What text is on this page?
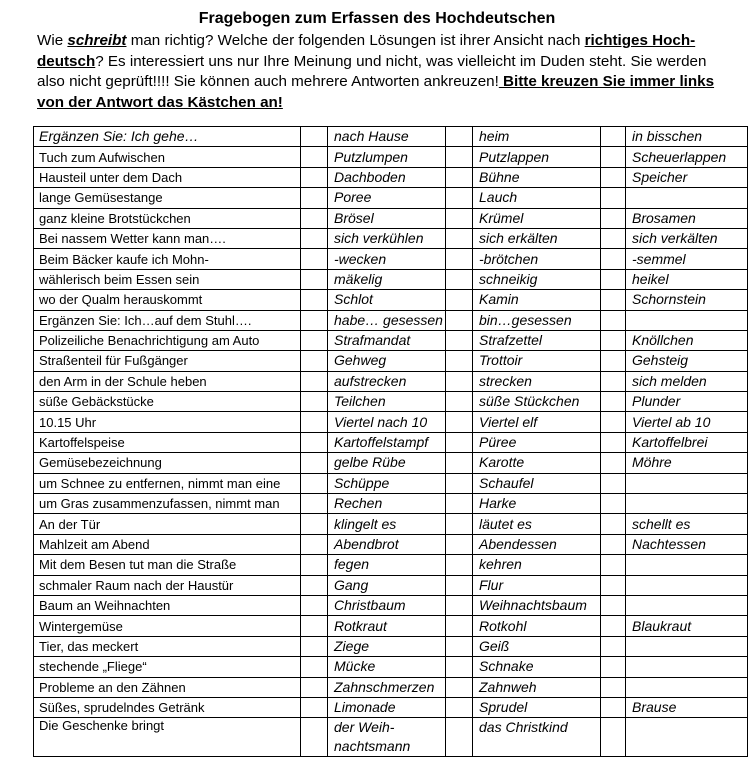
Fragebogen zum Erfassen des Hochdeutschen
Wie schreibt man richtig? Welche der folgenden Lösungen ist ihrer Ansicht nach richtiges Hoch-deutsch? Es interessiert uns nur Ihre Meinung und nicht, was vielleicht im Duden steht. Sie werden also nicht geprüft!!!! Sie können auch mehrere Antworten ankreuzen! Bitte kreuzen Sie immer links von der Antwort das Kästchen an!
Ergänzen Sie: Ich gehe…		nach Hause		heim		in bisschen
Tuch zum Aufwischen		Putzlumpen		Putzlappen		Scheuerlappen
Hausteil unter dem Dach		Dachboden		Bühne		Speicher
lange Gemüsestange		Poree		Lauch		
ganz kleine Brotstückchen		Brösel		Krümel		Brosamen
Bei nassem Wetter kann man….		sich verkühlen		sich erkälten		sich verkälten
Beim Bäcker kaufe ich Mohn-		-wecken		-brötchen		-semmel
wählerisch beim Essen sein		mäkelig		schneikig		heikel
wo der Qualm herauskommt		Schlot		Kamin		Schornstein
Ergänzen Sie: Ich…auf dem Stuhl….		habe… gesessen		bin…gesessen		
Polizeiliche Benachrichtigung am Auto		Strafmandat		Strafzettel		Knöllchen
Straßenteil für Fußgänger		Gehweg		Trottoir		Gehsteig
den Arm in der Schule heben		aufstrecken		strecken		sich melden
süße Gebäckstücke		Teilchen		süße Stückchen		Plunder
10.15 Uhr		Viertel nach 10		Viertel elf		Viertel ab 10
Kartoffelspeise		Kartoffelstampf		Püree		Kartoffelbrei
Gemüsebezeichnung		gelbe Rübe		Karotte		Möhre
um Schnee zu entfernen, nimmt man eine		Schüppe		Schaufel		
um Gras zusammenzufassen, nimmt man		Rechen		Harke		
An der Tür		klingelt es		läutet es		schellt es
Mahlzeit am Abend		Abendbrot		Abendessen		Nachtessen
Mit dem Besen tut man die Straße		fegen		kehren		
schmaler Raum nach der Haustür		Gang		Flur		
Baum an Weihnachten		Christbaum		Weihnachtsbaum		
Wintergemüse		Rotkraut		Rotkohl		Blaukraut
Tier, das meckert		Ziege		Geiß		
stechende „Fliege“		Mücke		Schnake		
Probleme an den Zähnen		Zahnschmerzen		Zahnweh		
Süßes, sprudelndes Getränk		Limonade		Sprudel		Brause
Die Geschenke bringt		der Weih-nachtsmann		das Christkind		
